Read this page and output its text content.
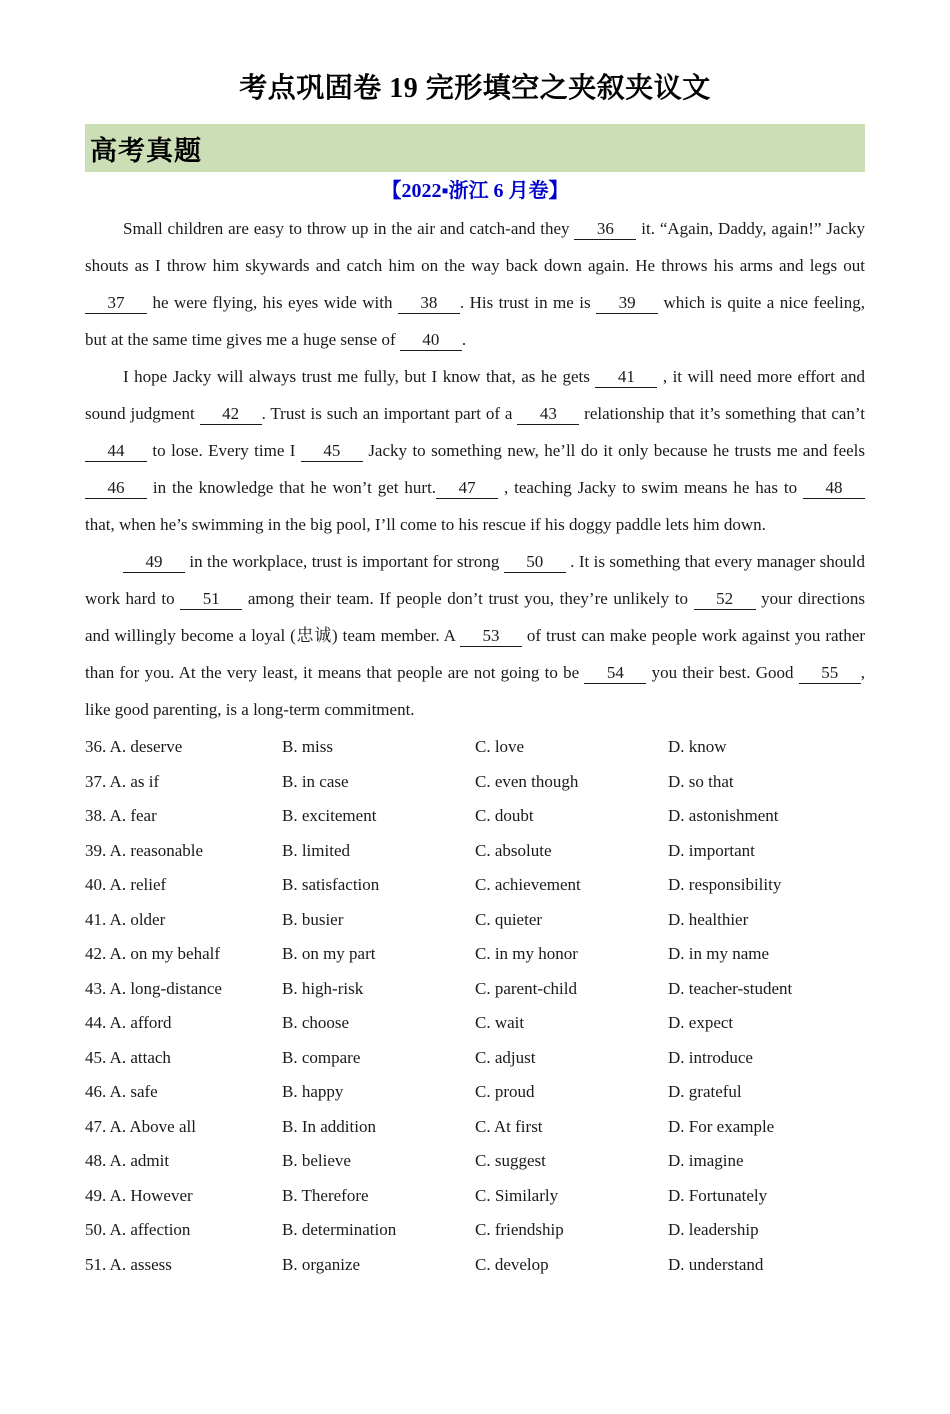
考点巩固卷 19 完形填空之夹叙夹议文
高考真题
【2022▪浙江 6 月卷】

Small children are easy to throw up in the air and catch-and they 36 it. “Again, Daddy, again!” Jacky shouts as I throw him skywards and catch him on the way back down again. He throws his arms and legs out 37 he were flying, his eyes wide with 38 . His trust in me is 39 which is quite a nice feeling, but at the same time gives me a huge sense of 40 .

I hope Jacky will always trust me fully, but I know that, as he gets 41 , it will need more effort and sound judgment 42 . Trust is such an important part of a 43 relationship that it’s something that can’t 44 to lose. Every time I 45 Jacky to something new, he’ll do it only because he trusts me and feels 46 in the knowledge that he won’t get hurt. 47 , teaching Jacky to swim means he has to 48 that, when he’s swimming in the big pool, I’ll come to his rescue if his doggy paddle lets him down.

49 in the workplace, trust is important for strong 50 . It is something that every manager should work hard to 51 among their team. If people don’t trust you, they’re unlikely to 52 your directions and willingly become a loyal (忠诚) team member. A 53 of trust can make people work against you rather than for you. At the very least, it means that people are not going to be 54 you their best. Good 55 , like good parenting, is a long-term commitment.

36. A. deserve	B. miss	C. love	D. know
37. A. as if	B. in case	C. even though	D. so that
38. A. fear	B. excitement	C. doubt	D. astonishment
39. A. reasonable	B. limited	C. absolute	D. important
40. A. relief	B. satisfaction	C. achievement	D. responsibility
41. A. older	B. busier	C. quieter	D. healthier
42. A. on my behalf	B. on my part	C. in my honor	D. in my name
43. A. long-distance	B. high-risk	C. parent-child	D. teacher-student
44. A. afford	B. choose	C. wait	D. expect
45. A. attach	B. compare	C. adjust	D. introduce
46. A. safe	B. happy	C. proud	D. grateful
47. A. Above all	B. In addition	C. At first	D. For example
48. A. admit	B. believe	C. suggest	D. imagine
49. A. However	B. Therefore	C. Similarly	D. Fortunately
50. A. affection	B. determination	C. friendship	D. leadership
51. A. assess	B. organize	C. develop	D. understand
